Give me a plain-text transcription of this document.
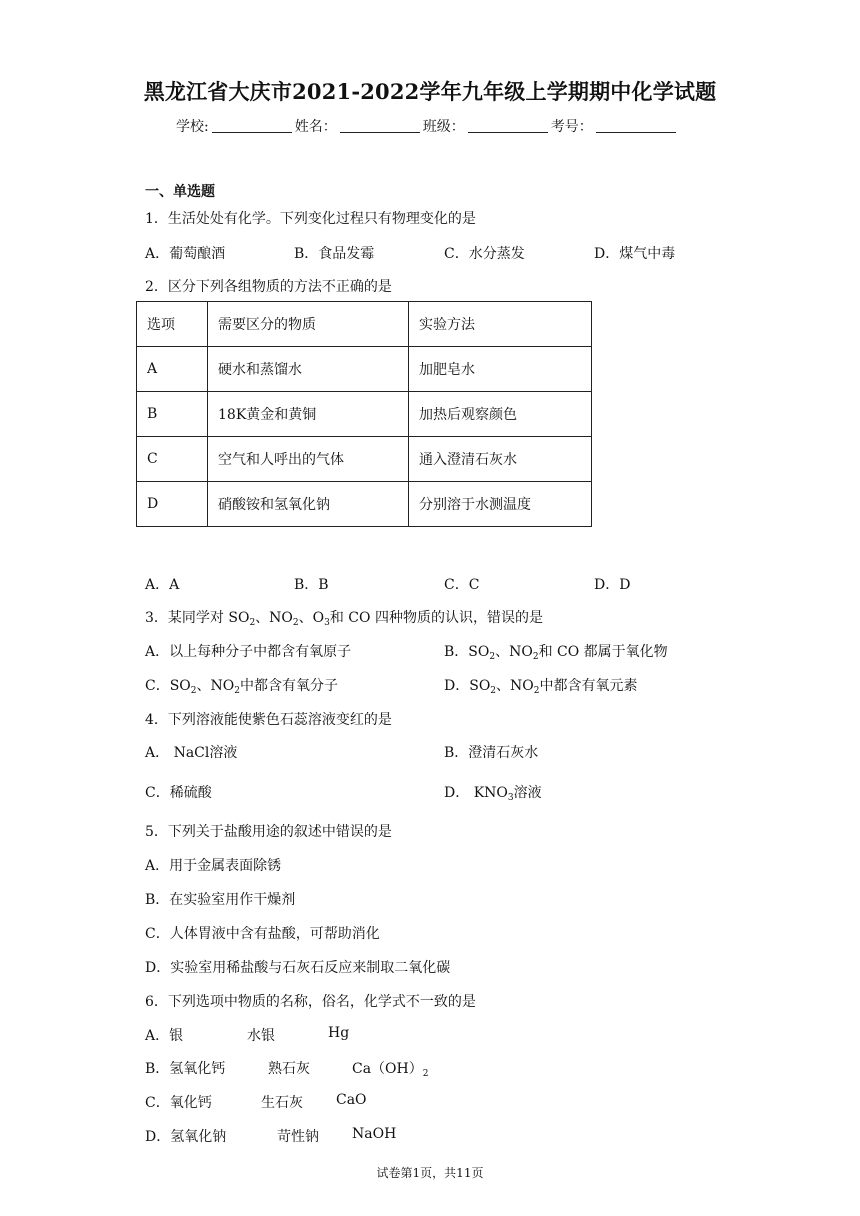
黑龙江省大庆市2021-2022学年九年级上学期期中化学试题
学校:	姓名：	班级：	考号：
一、单选题
1．生活处处有化学。下列变化过程只有物理变化的是
A．葡萄酿酒	B．食品发霉	C．水分蒸发	D．煤气中毒
2．区分下列各组物质的方法不正确的是
选项	需要区分的物质	实验方法
A	硬水和蒸馏水	加肥皂水
B	18K黄金和黄铜	加热后观察颜色
C	空气和人呼出的气体	通入澄清石灰水
D	硝酸铵和氢氧化钠	分别溶于水测温度
A．A	B．B	C．C	D．D
3．某同学对 $SO_2$、$NO_2$、$O_3$和 CO 四种物质的认识，错误的是
A．以上每种分子中都含有氧原子	B．$SO_2$、$NO_2$和 CO 都属于氧化物
C．$SO_2$、$NO_2$中都含有氧分子	D．$SO_2$、$NO_2$中都含有氧元素
4．下列溶液能使紫色石蕊溶液变红的是
A． NaCl溶液	B．澄清石灰水
C．稀硫酸	D． $KNO_3$溶液
5．下列关于盐酸用途的叙述中错误的是
A．用于金属表面除锈
B．在实验室用作干燥剂
C．人体胃液中含有盐酸，可帮助消化
D．实验室用稀盐酸与石灰石反应来制取二氧化碳
6．下列选项中物质的名称，俗名，化学式不一致的是
A．银	水银	Hg
B．氢氧化钙	熟石灰	$Ca(OH)_2$
C．氧化钙	生石灰 CaO
D．氢氧化钠	苛性钠 NaOH
试卷第1页，共11页
